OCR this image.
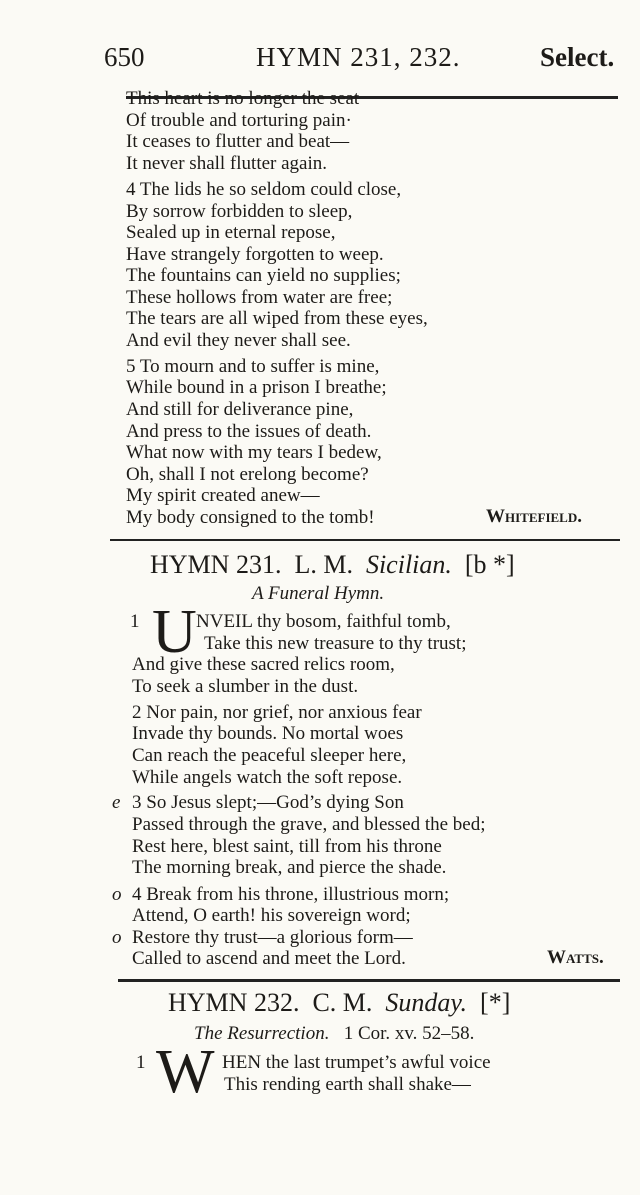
650	HYMN 231, 232.	Select.
This heart is no longer the seat
Of trouble and torturing pain·
It ceases to flutter and beat—
It never shall flutter again.
4 The lids he so seldom could close,
By sorrow forbidden to sleep,
Sealed up in eternal repose,
Have strangely forgotten to weep.
The fountains can yield no supplies;
These hollows from water are free;
The tears are all wiped from these eyes,
And evil they never shall see.
5 To mourn and to suffer is mine,
While bound in a prison I breathe;
And still for deliverance pine,
And press to the issues of death.
What now with my tears I bedew,
Oh, shall I not erelong become?
My spirit created anew—
My body consigned to the tomb!	Whitefield.
HYMN 231. L. M. Sicilian. [b *]
A Funeral Hymn.
1 U NVEIL thy bosom, faithful tomb,
Take this new treasure to thy trust;
And give these sacred relics room,
To seek a slumber in the dust.
2 Nor pain, nor grief, nor anxious fear
Invade thy bounds. No mortal woes
Can reach the peaceful sleeper here,
While angels watch the soft repose.
e 3 So Jesus slept;—God’s dying Son
Passed through the grave, and blessed the bed;
Rest here, blest saint, till from his throne
The morning break, and pierce the shade.
o 4 Break from his throne, illustrious morn;
Attend, O earth! his sovereign word;
o Restore thy trust—a glorious form—
Called to ascend and meet the Lord.	Watts.
HYMN 232. C. M. Sunday. [*]
The Resurrection. 1 Cor. xv. 52–58.
1 W HEN the last trumpet’s awful voice
This rending earth shall shake—
